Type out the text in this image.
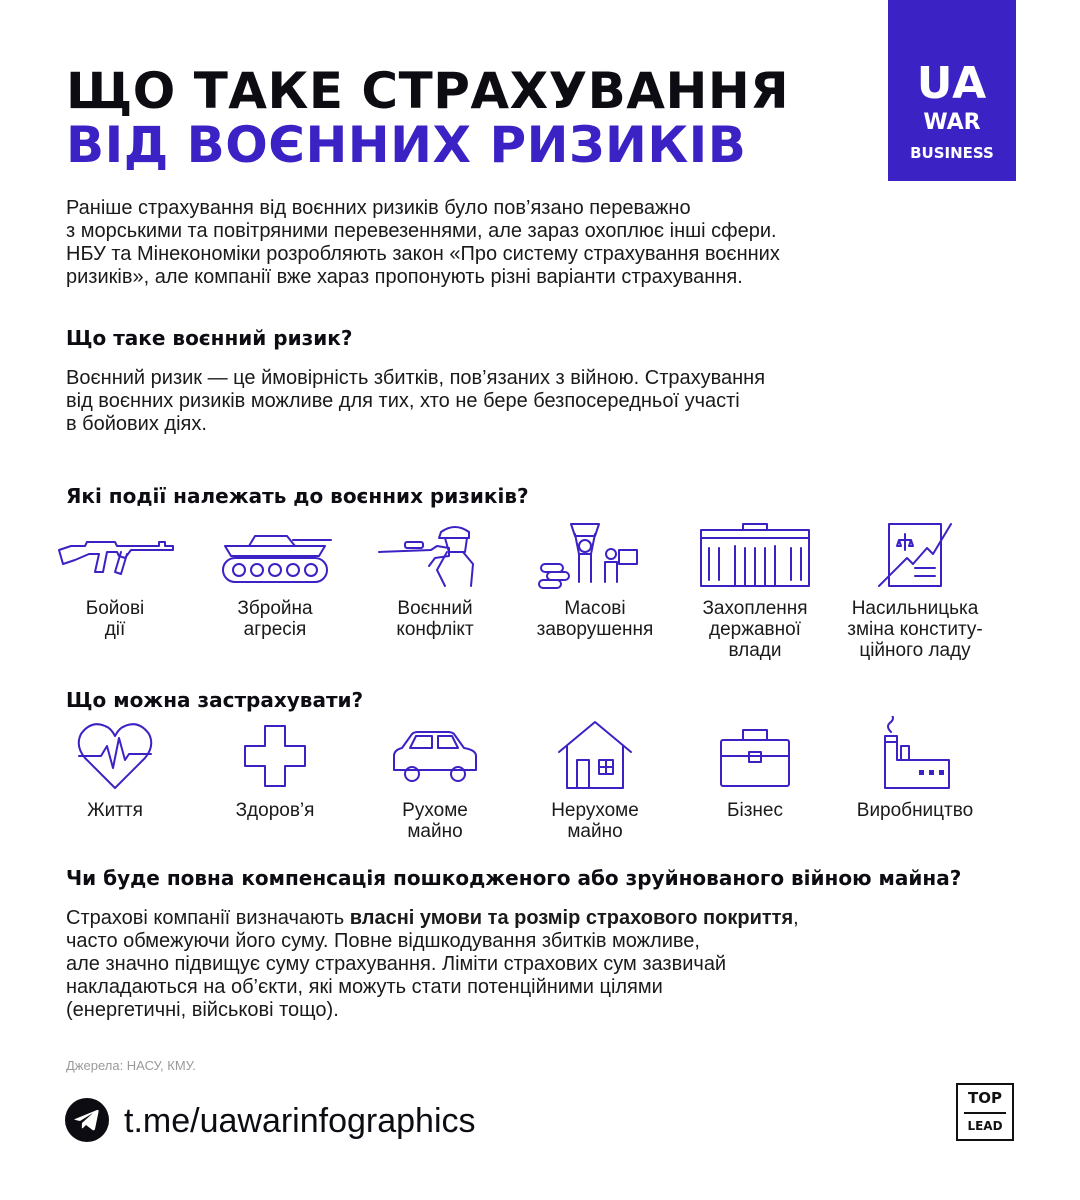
ЩО ТАКЕ СТРАХУВАННЯ
ВІД ВОЄННИХ РИЗИКІВ
UA
WAR
BUSINESS

Раніше страхування від воєнних ризиків було пов’язано переважно
з морськими та повітряними перевезеннями, але зараз охоплює інші сфери.
НБУ та Мінекономіки розробляють закон «Про систему страхування воєнних
ризиків», але компанії вже хараз пропонують різні варіанти страхування.

Що таке воєнний ризик?

Воєнний ризик — це ймовірність збитків, пов’язаних з війною. Страхування
від воєнних ризиків можливе для тих, хто не бере безпосередньої участі
в бойових діях.

Які події належать до воєнних ризиків?

Бойові
дії
Збройна
агресія
Воєнний
конфлікт
Масові
заворушення
Захоплення
державної
влади
Насильницька
зміна конститу-
ційного ладу

Що можна застрахувати?

Життя	Здоров’я	Рухоме
майно
Нерухоме
майно
Бізнес	Виробництво

Чи буде повна компенсація пошкодженого або зруйнованого війною майна?

Страхові компанії визначають власні умови та розмір страхового покриття,
часто обмежуючи його суму. Повне відшкодування збитків можливе,
але значно підвищує суму страхування. Ліміти страхових сум зазвичай
накладаються на об’єкти, які можуть стати потенційними цілями
(енергетичні, військові тощо).

Джерела: НАСУ, КМУ.
t.me/uawarinfographics
TOP
LEAD
